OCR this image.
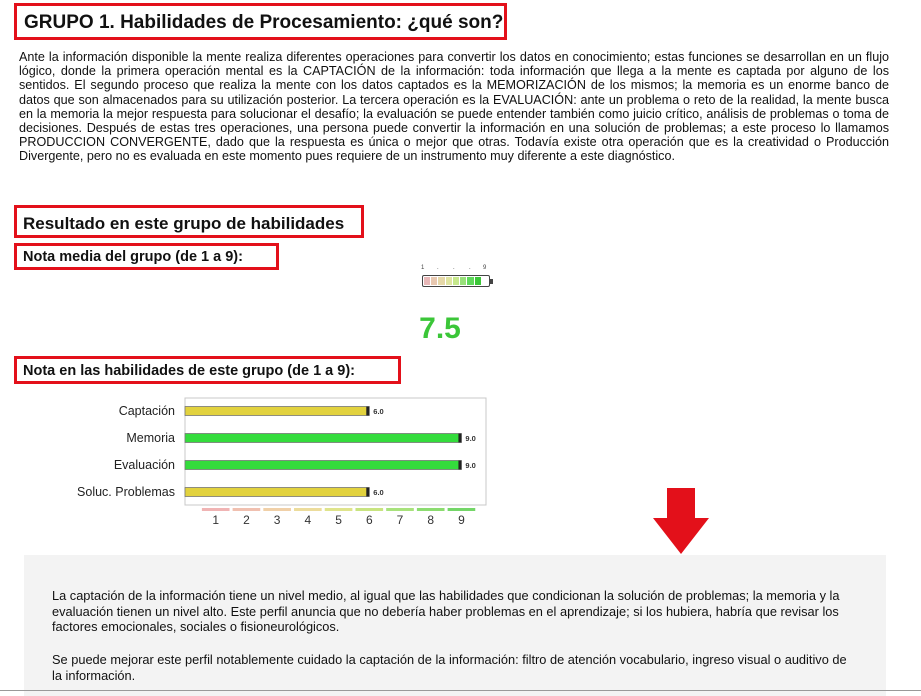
GRUPO 1. Habilidades de Procesamiento: ¿qué son?

Ante la información disponible la mente realiza diferentes operaciones para convertir los datos en conocimiento; estas funciones se desarrollan en un flujo lógico, donde la primera operación mental es la CAPTACIÓN de la información: toda información que llega a la mente es captada por alguno de los sentidos. El segundo proceso que realiza la mente con los datos captados es la MEMORIZACIÓN de los mismos; la memoria es un enorme banco de datos que son almacenados para su utilización posterior. La tercera operación es la EVALUACIÓN: ante un problema o reto de la realidad, la mente busca en la memoria la mejor respuesta para solucionar el desafío; la evaluación se puede entender también como juicio crítico, análisis de problemas o toma de decisiones. Después de estas tres operaciones, una persona puede convertir la información en una solución de problemas; a este proceso lo llamamos PRODUCCION CONVERGENTE, dado que la respuesta es única o mejor que otras. Todavía existe otra operación que es la creatividad o Producción Divergente, pero no es evaluada en este momento pues requiere de un instrumento muy diferente a este diagnóstico.

Resultado en este grupo de habilidades
Nota media del grupo (de 1 a 9):
1 . . . 9
7.5
Nota en las habilidades de este grupo (de 1 a 9):
Captación	6.0
Memoria	9.0
Evaluación	9.0
Soluc. Problemas	6.0
1 2 3 4 5 6 7 8 9

La captación de la información tiene un nivel medio, al igual que las habilidades que condicionan la solución de problemas; la memoria y la evaluación tienen un nivel alto. Este perfil anuncia que no debería haber problemas en el aprendizaje; si los hubiera, habría que revisar los factores emocionales, sociales o fisioneurológicos.

Se puede mejorar este perfil notablemente cuidado la captación de la información: filtro de atención vocabulario, ingreso visual o auditivo de la información.
